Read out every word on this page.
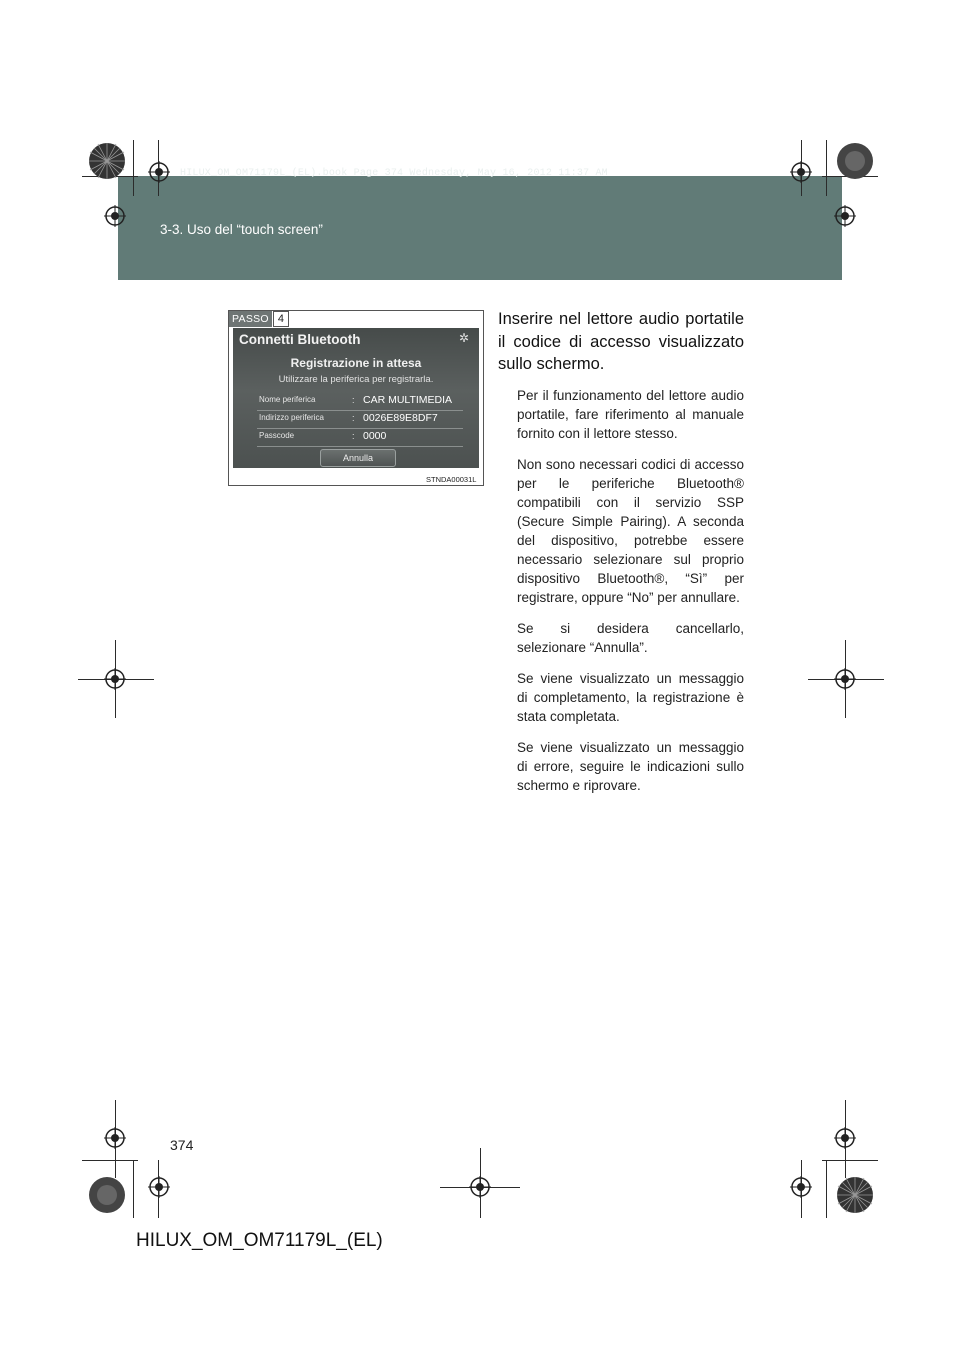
HILUX_OM_OM71179L_(EL).book Page 374 Wednesday, May 16, 2012 11:37 AM
3-3. Uso del “touch screen”
PASSO 4
Connetti Bluetooth	✲
Registrazione in attesa
Utilizzare la periferica per registrarla.
Nome periferica	: CAR MULTIMEDIA
Indirizzo periferica	: 0026E89E8DF7
Passcode	: 0000
Annulla
STNDA00031L
Inserire nel lettore audio portatile il codice di accesso visualizzato sullo schermo.

Per il funzionamento del lettore audio portatile, fare riferimento al manuale fornito con il lettore stesso.

Non sono necessari codici di accesso per le periferiche Bluetooth® compatibili con il servizio SSP (Secure Simple Pairing). A seconda del dispositivo, potrebbe essere necessario selezionare sul proprio dispositivo Bluetooth®, “Sì” per registrare, oppure “No” per annullare.

Se si desidera cancellarlo, selezionare “Annulla”.

Se viene visualizzato un messaggio di completamento, la registrazione è stata completata.

Se viene visualizzato un messaggio di errore, seguire le indicazioni sullo schermo e riprovare.

374
HILUX_OM_OM71179L_(EL)
